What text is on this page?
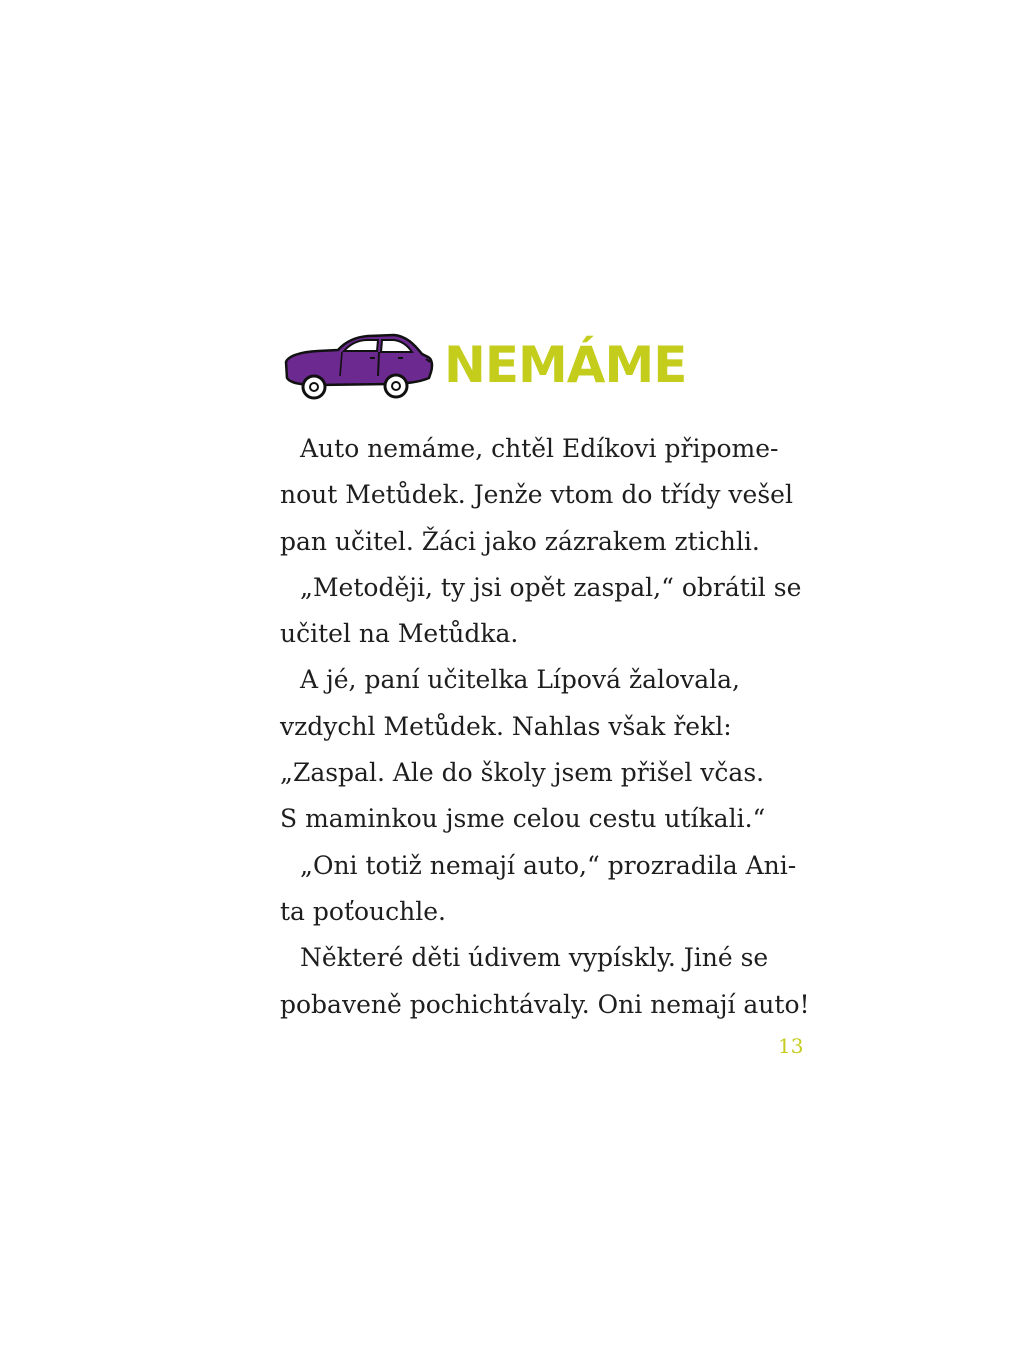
NEMÁME
Auto nemáme, chtěl Edíkovi připome-
nout Metůdek. Jenže vtom do třídy vešel
pan učitel. Žáci jako zázrakem ztichli.
„Metoději, ty jsi opět zaspal,“ obrátil se
učitel na Metůdka.
A jé, paní učitelka Lípová žalovala,
vzdychl Metůdek. Nahlas však řekl:
„Zaspal. Ale do školy jsem přišel včas.
S maminkou jsme celou cestu utíkali.“
„Oni totiž nemají auto,“ prozradila Ani-
ta poťouchle.
Některé děti údivem vypískly. Jiné se
pobaveně pochichtávaly. Oni nemají auto!
13
